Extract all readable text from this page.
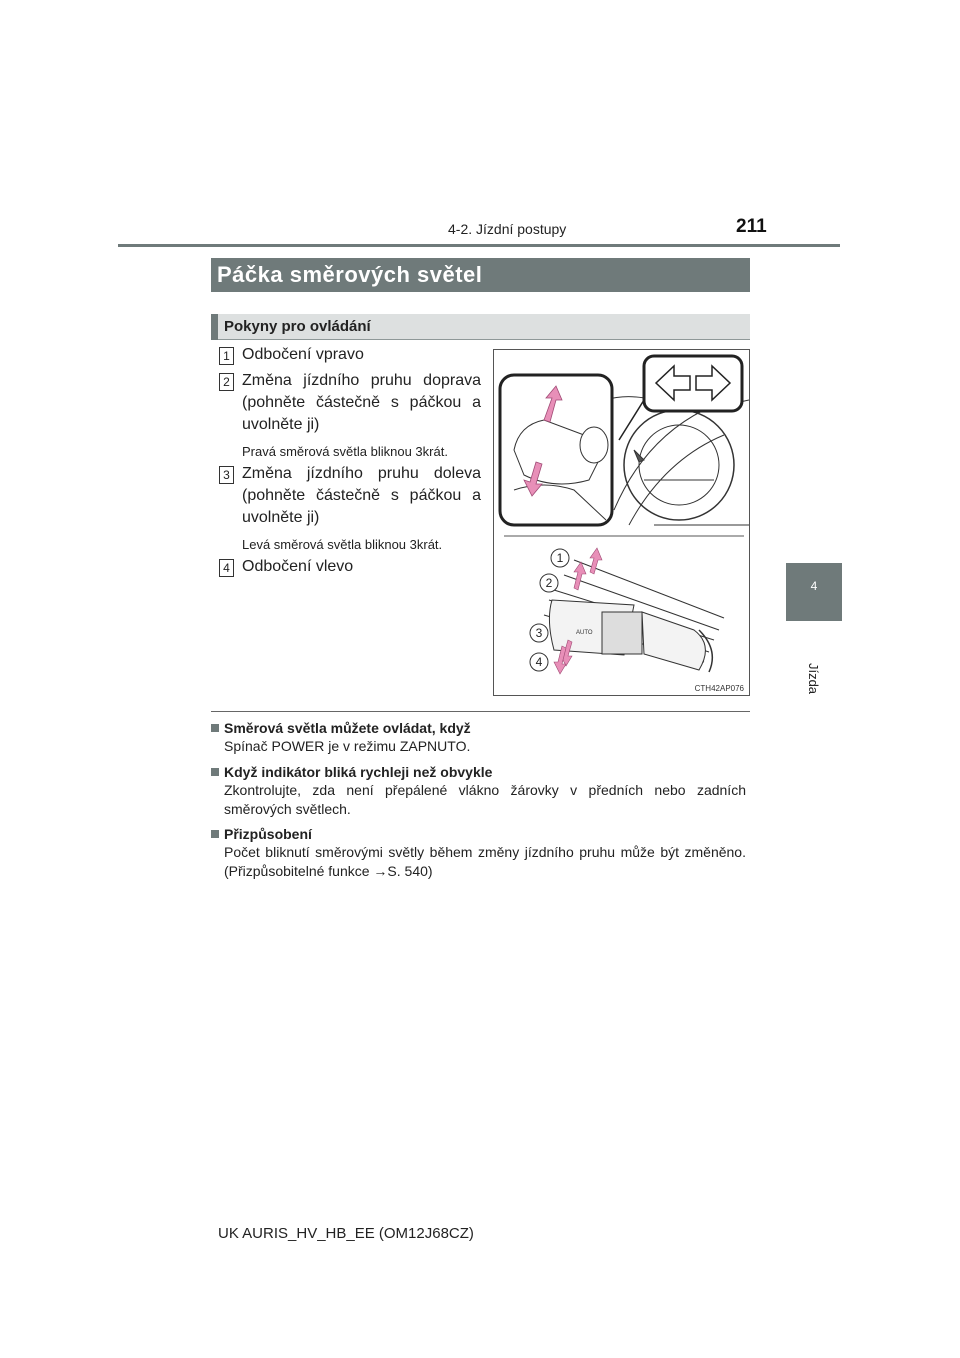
4-2. Jízdní postupy	211
4
Jízda
Páčka směrových světel
Pokyny pro ovládání
1 Odbočení vpravo
2 Změna jízdního pruhu doprava (pohněte částečně s páčkou a uvolněte ji)
Pravá směrová světla bliknou 3krát.
3 Změna jízdního pruhu doleva (pohněte částečně s páčkou a uvolněte ji)
Levá směrová světla bliknou 3krát.
4 Odbočení vlevo
AUTO
1
2
3
4
CTH42AP076
Směrová světla můžete ovládat, když
Spínač POWER je v režimu ZAPNUTO.
Když indikátor bliká rychleji než obvykle
Zkontrolujte, zda není přepálené vlákno žárovky v předních nebo zadních směrových světlech.
Přizpůsobení
Počet bliknutí směrovými světly během změny jízdního pruhu může být změněno. (Přizpůsobitelné funkce →S. 540)
UK AURIS_HV_HB_EE (OM12J68CZ)
